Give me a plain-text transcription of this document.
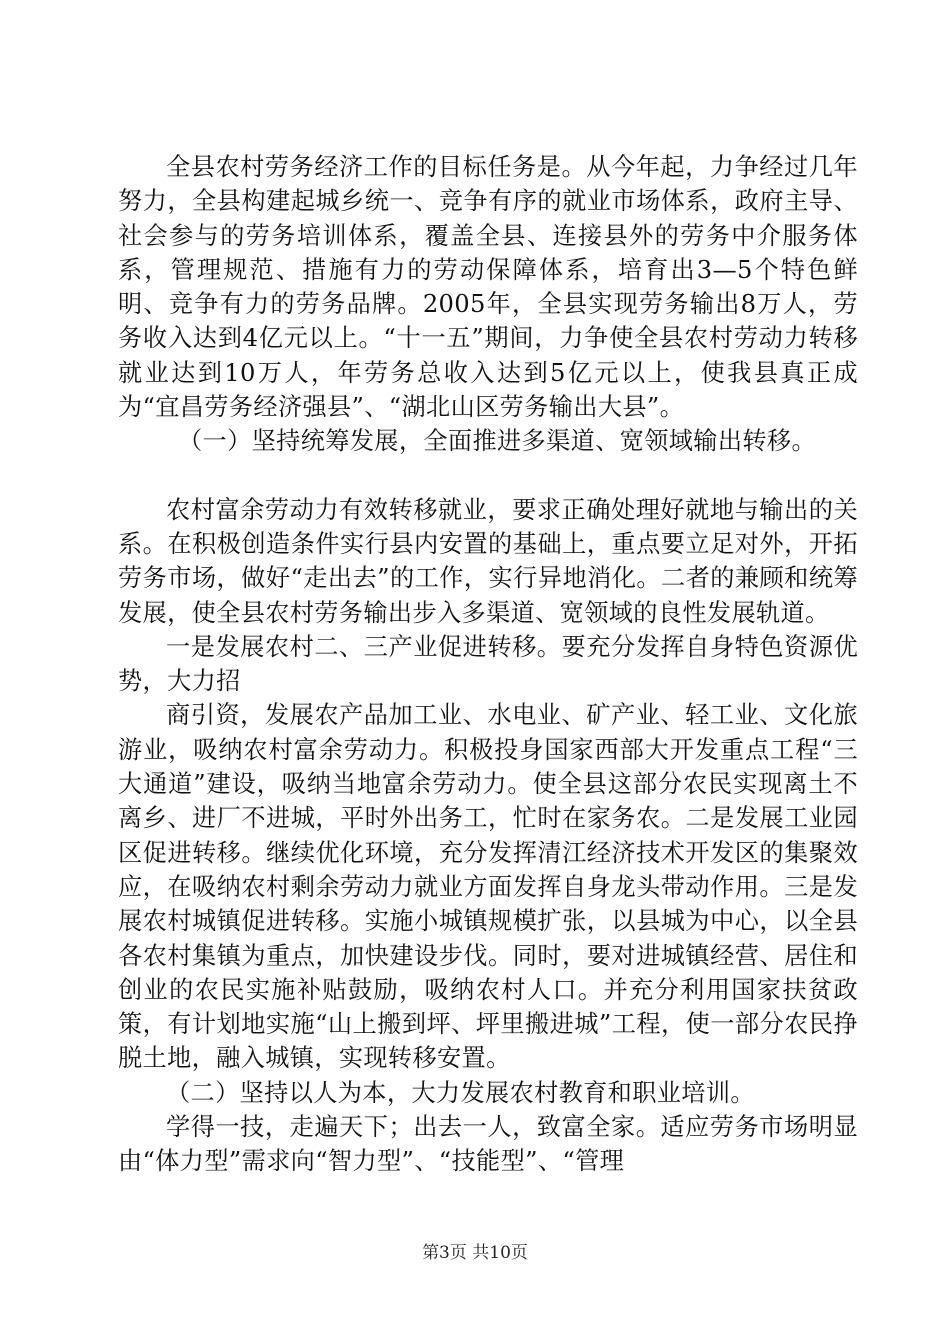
全县农村劳务经济工作的目标任务是。从今年起，力争经过几年努力，全县构建起城乡统一、竞争有序的就业市场体系，政府主导、社会参与的劳务培训体系，覆盖全县、连接县外的劳务中介服务体系，管理规范、措施有力的劳动保障体系，培育出3—5个特色鲜明、竞争有力的劳务品牌。2005年，全县实现劳务输出8万人，劳务收入达到4亿元以上。“十一五”期间，力争使全县农村劳动力转移就业达到10万人，年劳务总收入达到5亿元以上，使我县真正成为“宜昌劳务经济强县”、“湖北山区劳务输出大县”。

（一）坚持统筹发展，全面推进多渠道、宽领域输出转移。

农村富余劳动力有效转移就业，要求正确处理好就地与输出的关系。在积极创造条件实行县内安置的基础上，重点要立足对外，开拓劳务市场，做好“走出去”的工作，实行异地消化。二者的兼顾和统筹发展，使全县农村劳务输出步入多渠道、宽领域的良性发展轨道。

一是发展农村二、三产业促进转移。要充分发挥自身特色资源优势，大力招

商引资，发展农产品加工业、水电业、矿产业、轻工业、文化旅游业，吸纳农村富余劳动力。积极投身国家西部大开发重点工程“三大通道”建设，吸纳当地富余劳动力。使全县这部分农民实现离土不离乡、进厂不进城，平时外出务工，忙时在家务农。二是发展工业园区促进转移。继续优化环境，充分发挥清江经济技术开发区的集聚效应，在吸纳农村剩余劳动力就业方面发挥自身龙头带动作用。三是发展农村城镇促进转移。实施小城镇规模扩张，以县城为中心，以全县各农村集镇为重点，加快建设步伐。同时，要对进城镇经营、居住和创业的农民实施补贴鼓励，吸纳农村人口。并充分利用国家扶贫政策，有计划地实施“山上搬到坪、坪里搬进城”工程，使一部分农民挣脱土地，融入城镇，实现转移安置。

（二）坚持以人为本，大力发展农村教育和职业培训。

学得一技，走遍天下；出去一人，致富全家。适应劳务市场明显由“体力型”需求向“智力型”、“技能型”、“管理

第3页 共10页
